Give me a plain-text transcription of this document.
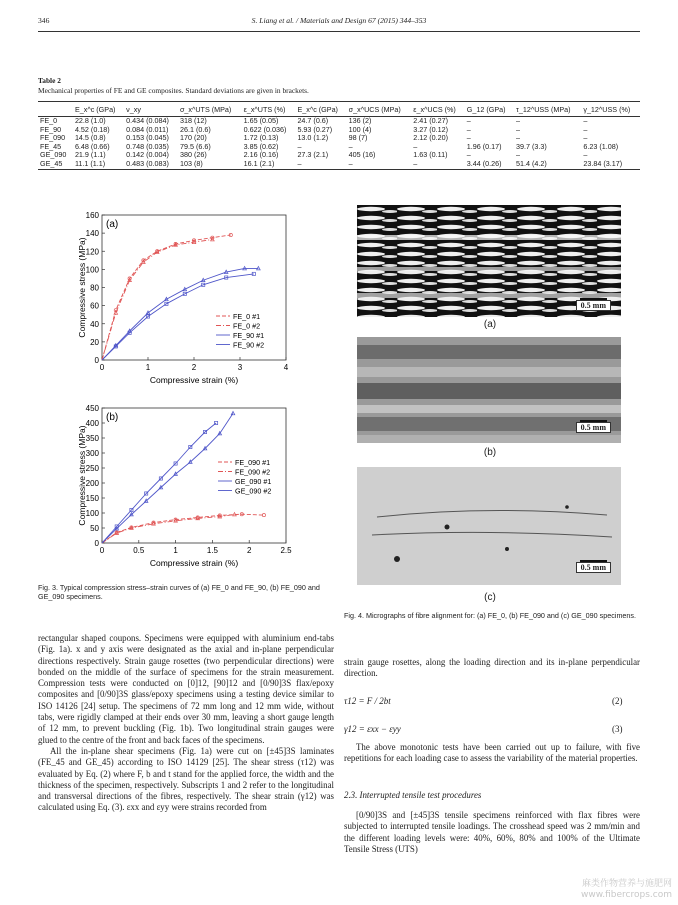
346	S. Liang et al. / Materials and Design 67 (2015) 344–353
Table 2
Mechanical properties of FE and GE composites. Standard deviations are given in brackets.
	E_x^c (GPa)	ν_xy	σ_x^UTS (MPa)	ε_x^UTS (%)	E_x^c (GPa)	σ_x^UCS (MPa)	ε_x^UCS (%)	G_12 (GPa)	τ_12^USS (MPa)	γ_12^USS (%)
FE_0	22.8 (1.0)	0.434 (0.084)	318 (12)	1.65 (0.05)	24.7 (0.6)	136 (2)	2.41 (0.27)	–	–	–
FE_90	4.52 (0.18)	0.084 (0.011)	26.1 (0.6)	0.622 (0.036)	5.93 (0.27)	100 (4)	3.27 (0.12)	–	–	–
FE_090	14.5 (0.8)	0.153 (0.045)	170 (20)	1.72 (0.13)	13.0 (1.2)	98 (7)	2.12 (0.20)	–	–	–
FE_45	6.48 (0.66)	0.748 (0.035)	79.5 (6.6)	3.85 (0.62)	–	–	–	1.96 (0.17)	39.7 (3.3)	6.23 (1.08)
GE_090	21.9 (1.1)	0.142 (0.004)	380 (26)	2.16 (0.16)	27.3 (2.1)	405 (16)	1.63 (0.11)	–	–	–
GE_45	11.1 (1.1)	0.483 (0.083)	103 (8)	16.1 (2.1)	–	–	–	3.44 (0.26)	51.4 (4.2)	23.84 (3.17)
0	1	2	3	4
0
20
40
60
80
100
120
140
160
Compressive strain (%)
Compressive stress (MPa)
(a)
FE_0 #1
FE_0 #2
FE_90 #1
FE_90 #2
0	0.5	1	1.5	2	2.5
0
50
100
150
200
250
300
350
400
450
Compressive strain (%)
Compressive stress (MPa)
(b)
FE_090 #1
FE_090 #2
GE_090 #1
GE_090 #2
Fig. 3. Typical compression stress–strain curves of (a) FE_0 and FE_90, (b) FE_090 and GE_090 specimens.
0.5 mm
(a)
0.5 mm
(b)
0.5 mm
(c)
Fig. 4. Micrographs of fibre alignment for: (a) FE_0, (b) FE_090 and (c) GE_090 specimens.

rectangular shaped coupons. Specimens were equipped with aluminium end-tabs (Fig. 1a). x and y axis were designated as the axial and in-plane perpendicular directions respectively. Strain gauge rosettes (two perpendicular directions) were bonded on the middle of the surface of specimens for the strain measurement. Compression tests were conducted on [0]12, [90]12 and [0/90]3S flax/epoxy composites and [0/90]3S glass/epoxy specimens using a testing device similar to ISO 14126 [24] setup. The specimens of 72 mm long and 12 mm wide, without tabs, were rigidly clamped at their ends over 30 mm, leaving a short gauge length of 12 mm, to prevent buckling (Fig. 1b). Two longitudinal strain gauges were glued to the centre of the front and back faces of the specimens.

All the in-plane shear specimens (Fig. 1a) were cut on [±45]3S laminates (FE_45 and GE_45) according to ISO 14129 [25]. The shear stress (τ12) was evaluated by Eq. (2) where F, b and t stand for the applied force, the width and the thickness of the specimen, respectively. Subscripts 1 and 2 refer to the longitudinal and transversal directions of the fibres, respectively. The shear strain (γ12) was calculated using Eq. (3). εxx and εyy were strains recorded from

strain gauge rosettes, along the loading direction and its in-plane perpendicular direction.
τ12 = F / 2bt	(2)
γ12 = εxx − εyy	(3)
The above monotonic tests have been carried out up to failure, with five repetitions for each loading case to assess the variability of the material properties.
2.3. Interrupted tensile test procedures
[0/90]3S and [±45]3S tensile specimens reinforced with flax fibres were subjected to interrupted tensile loadings. The crosshead speed was 2 mm/min and the different loading levels were: 40%, 60%, 80% and 100% of the Ultimate Tensile Stress (UTS)
麻类作物营养与施肥网
www.fibercrops.com
